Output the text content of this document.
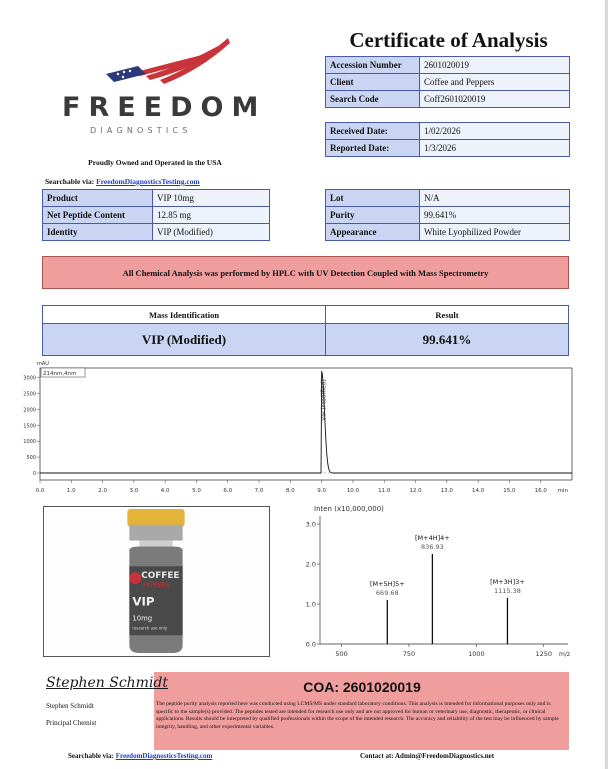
FREEDOM
DIAGNOSTICS
Proudly Owned and Operated in the USA
Searchable via: FreedomDiagnosticsTesting.com
Certificate of Analysis
Accession Number	2601020019
Client	Coffee and Peppers
Search Code	Coff2601020019
Received Date:	1/02/2026
Reported Date:	1/3/2026
Product	VIP 10mg
Net Peptide Content	12.85 mg
Identity	VIP (Modified)
Lot	N/A
Purity	99.641%
Appearance	White Lyophilized Powder
All Chemical Analysis was performed by HPLC with UV Detection Coupled with Mass Spectrometry
Mass Identification	Result
VIP (Modified)	99.641%
mAU
214nm,4nm
3000
2500
2000
1500
1000
500
0
0.0	1.0	2.0	3.0	4.0	5.0	6.0	7.0	8.0	9.0	10.0	11.0	12.0	13.0	14.0	15.0	16.0
VIP (Modified)
min
COFFEE
PEPPERS
VIP
10mg
research use only
Inten (x10,000,000)
3.0
2.0
1.0
0.0
500	750	1000	1250
[M+5H]5+
669.68
[M+4H]4+
836.93
[M+3H]3+
1115.38
m/z
Stephen Schmidt
Stephen Schmidt
Principal Chemist
COA: 2601020019
The peptide purity analysis reported here was conducted using LCMS/MS under standard laboratory conditions. This analysis is intended for informational purposes only and is specific to the sample(s) provided. The peptides tested are intended for research use only and are not approved for human or veterinary use, diagnostic, therapeutic, or clinical applications. Results should be interpreted by qualified professionals within the scope of the intended research. The accuracy and reliability of the test may be influenced by sample integrity, handling, and other experimental variables.
Searchable via: FreedomDiagnosticsTesting.com	Contact at: Admin@FreedomDiagnostics.net
